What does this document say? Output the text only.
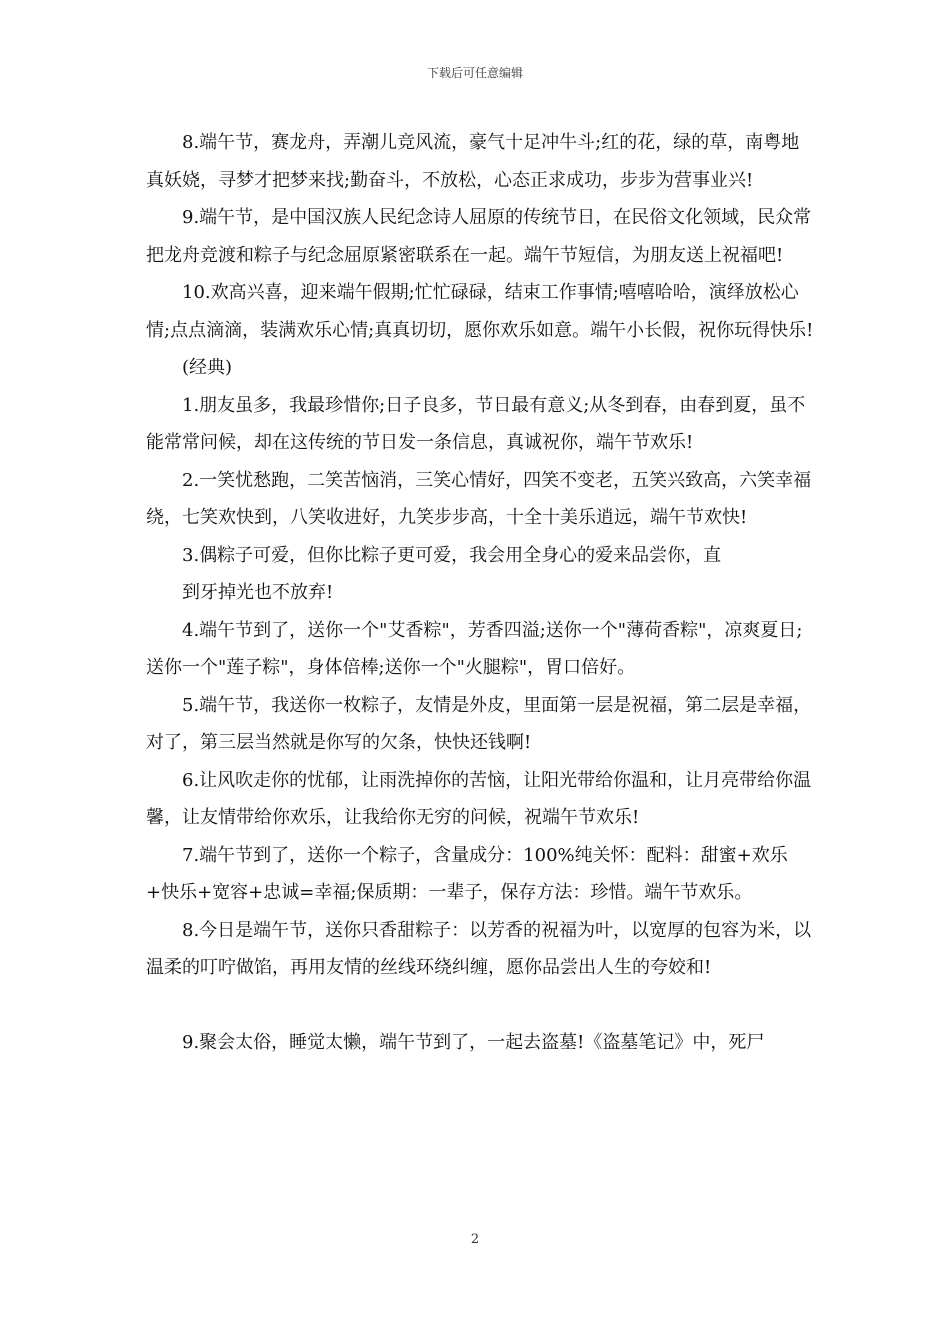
下载后可任意编辑

8.端午节，赛龙舟，弄潮儿竞风流，豪气十足冲牛斗;红的花，绿的草，南粤地真妖娆，寻梦才把梦来找;勤奋斗，不放松，心态正求成功，步步为营事业兴!

9.端午节，是中国汉族人民纪念诗人屈原的传统节日，在民俗文化领域，民众常把龙舟竞渡和粽子与纪念屈原紧密联系在一起。端午节短信，为朋友送上祝福吧!

10.欢高兴喜，迎来端午假期;忙忙碌碌，结束工作事情;嘻嘻哈哈，演绎放松心情;点点滴滴，装满欢乐心情;真真切切，愿你欢乐如意。端午小长假，祝你玩得快乐!

(经典)

1.朋友虽多，我最珍惜你;日子良多，节日最有意义;从冬到春，由春到夏，虽不能常常问候，却在这传统的节日发一条信息，真诚祝你，端午节欢乐!

2.一笑忧愁跑，二笑苦恼消，三笑心情好，四笑不变老，五笑兴致高，六笑幸福绕，七笑欢快到，八笑收进好，九笑步步高，十全十美乐逍远，端午节欢快!

3.偶粽子可爱，但你比粽子更可爱，我会用全身心的爱来品尝你，直

到牙掉光也不放弃!

4.端午节到了，送你一个"艾香粽"，芳香四溢;送你一个"薄荷香粽"，凉爽夏日;送你一个"莲子粽"，身体倍棒;送你一个"火腿粽"，胃口倍好。

5.端午节，我送你一枚粽子，友情是外皮，里面第一层是祝福，第二层是幸福，对了，第三层当然就是你写的欠条，快快还钱啊!

6.让风吹走你的忧郁，让雨洗掉你的苦恼，让阳光带给你温和，让月亮带给你温馨，让友情带给你欢乐，让我给你无穷的问候，祝端午节欢乐!

7.端午节到了，送你一个粽子，含量成分：100%纯关怀：配料：甜蜜+欢乐+快乐+宽容+忠诚=幸福;保质期：一辈子，保存方法：珍惜。端午节欢乐。

8.今日是端午节，送你只香甜粽子：以芳香的祝福为叶，以宽厚的包容为米，以温柔的叮咛做馅，再用友情的丝线环绕纠缠，愿你品尝出人生的夸姣和!

9.聚会太俗，睡觉太懒，端午节到了，一起去盗墓!《盗墓笔记》中，死尸

2
